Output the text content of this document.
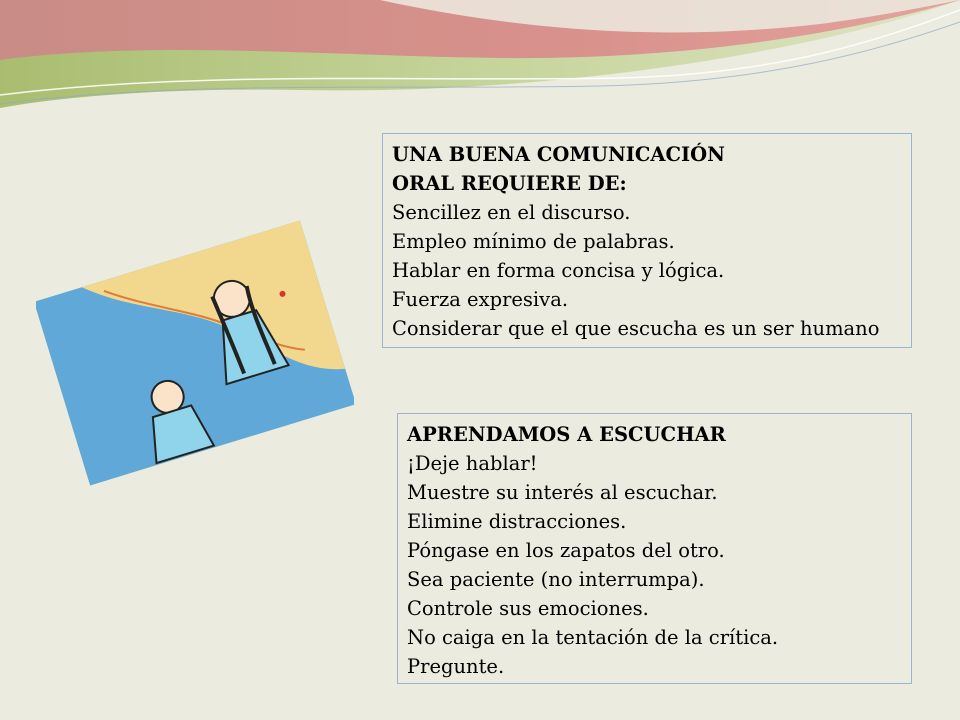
UNA BUENA COMUNICACIÓN
ORAL REQUIERE DE:
Sencillez en el discurso.
Empleo mínimo de palabras.
Hablar en forma concisa y lógica.
Fuerza expresiva.
Considerar que el que escucha es un ser humano
APRENDAMOS A ESCUCHAR
¡Deje hablar!
Muestre su interés al escuchar.
Elimine distracciones.
Póngase en los zapatos del otro.
Sea paciente (no interrumpa).
Controle sus emociones.
No caiga en la tentación de la crítica.
Pregunte.
